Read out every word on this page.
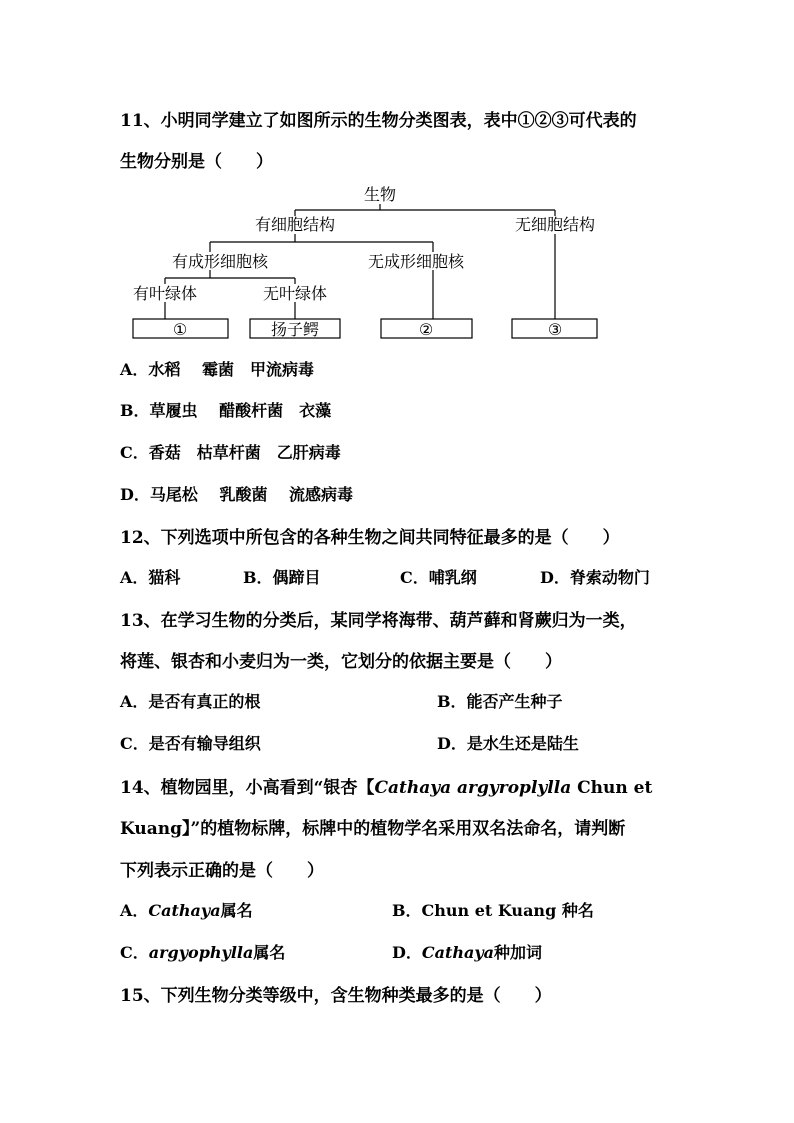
11、小明同学建立了如图所示的生物分类图表，表中①②③可代表的
生物分别是（　　）
生物
有细胞结构	无细胞结构
有成形细胞核	无成形细胞核
有叶绿体	无叶绿体
①	扬子鳄	②	③
A．水稻　 霉菌　甲流病毒
B．草履虫　 醋酸杆菌　衣藻
C．香菇　枯草杆菌　乙肝病毒
D．马尾松　 乳酸菌　 流感病毒
12、下列选项中所包含的各种生物之间共同特征最多的是（　　）
A．猫科	B．偶蹄目	C．哺乳纲	D．脊索动物门
13、在学习生物的分类后，某同学将海带、葫芦藓和肾蕨归为一类，
将莲、银杏和小麦归为一类，它划分的依据主要是（　　）
A．是否有真正的根	B．能否产生种子
C．是否有输导组织	D．是水生还是陆生
14、植物园里，小高看到“银杏【Cathaya argyroplylla Chun et
Kuang】”的植物标牌，标牌中的植物学名采用双名法命名，请判断
下列表示正确的是（　　）
A．Cathaya属名	B．Chun et Kuang 种名
C．argyophylla属名	D．Cathaya种加词
15、下列生物分类等级中，含生物种类最多的是（　　）
